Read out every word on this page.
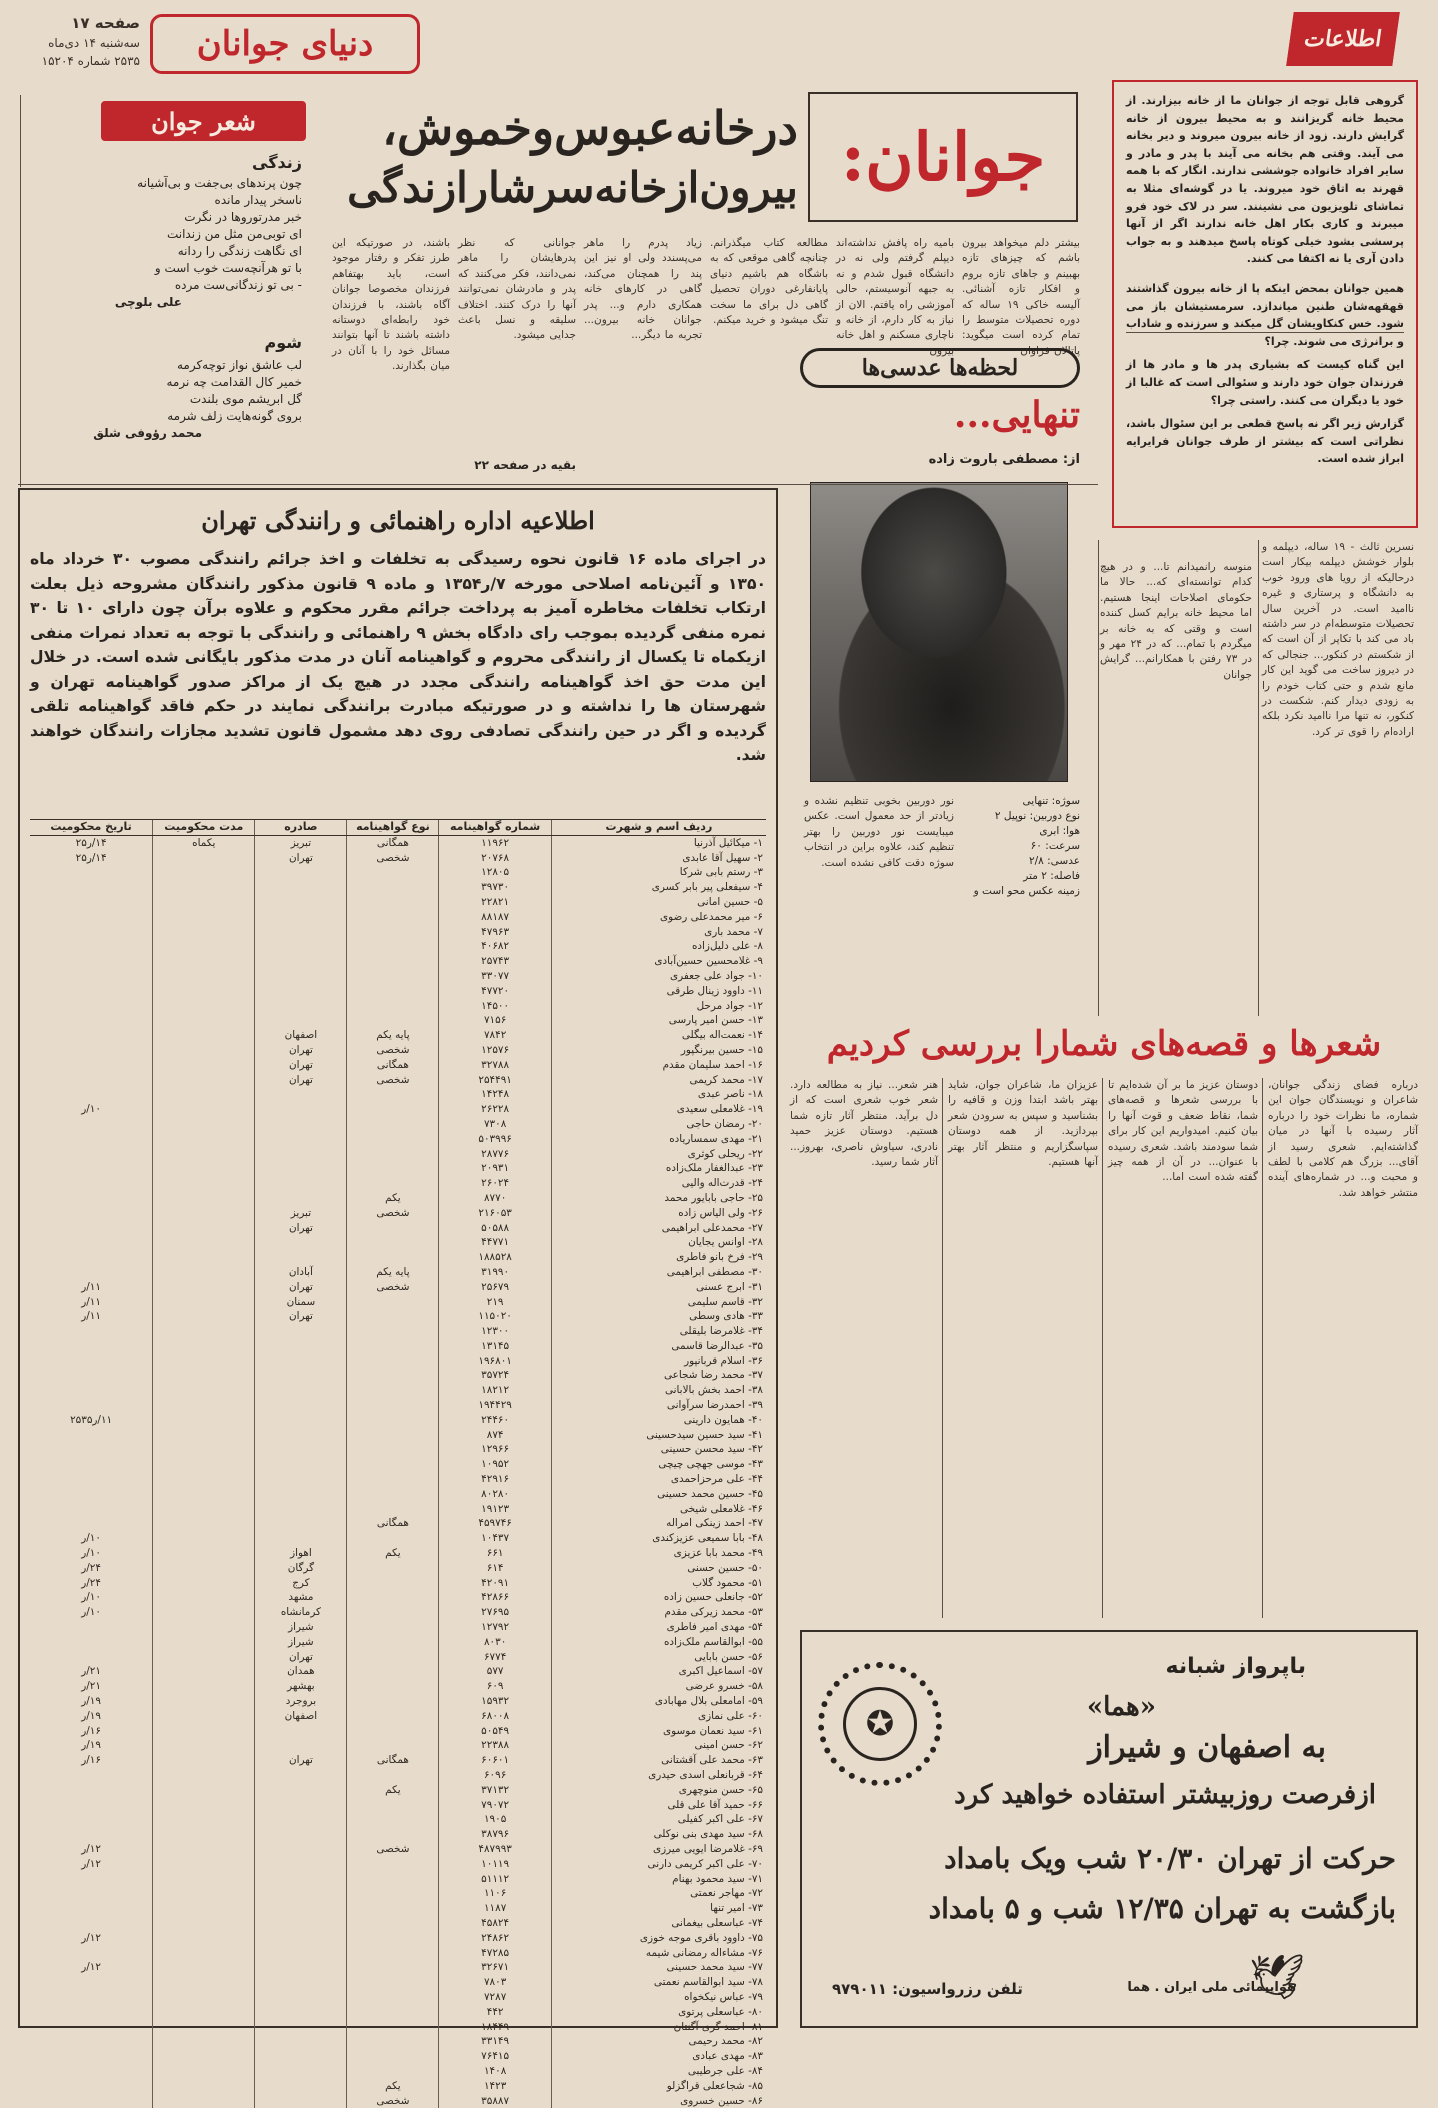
صفحه ۱۷
سه‌شنبه ۱۴ دی‌ماه
۲۵۳۵ شماره ۱۵۲۰۴ دنیای جوانان	اطلاعات
شعر جوان
زندگی
چون پرندهای بی‌جفت و بی‌آشیانه
ناسخر پیدار مانده
خبر مدرتوروها در نگرت
ای توبی‌من مثل من زندانت
ای نگاهت زندگی را ردانه
با تو هرآنچه‌ست خوب است و
- بی تو زندگانی‌ست مرده
علی بلوچی
شوم
لب عاشق نواز توچه‌کرمه
خمیر کال القدامت چه نرمه
گل ابریشم موی بلندت
بروی گونه‌هایت زلف شرمه
محمد رؤوفی شلق
جوانان:
درخانه‌عبوس‌وخموش،
بیرون‌ازخانه‌سرشارازندگی
بیشتر دلم میخواهد بیرون باشم که چیزهای تازه بهبینم و جاهای تازه بروم و افکار تازه آشنائی. آلیسه خاکی ۱۹ ساله که دوره تحصیلات متوسط را تمام کرده است میگوید: پاتالان فراوان
بامیه راه پافش نداشته‌اند دیپلم گرفتم ولی نه در دانشگاه قبول شدم و نه به جبهه آنوسیستم، حالی آموزشی راه یافتم. الان از نیاز به کار دارم، از خانه و ناچاری مسکنم و اهل خانه بیرون
مطالعه کتاب میگذرانم. چنانچه گاهی موقعی که به باشگاه هم باشیم دنیای پایانفارغی دوران تحصیل گاهی دل برای ما سخت تنگ میشود و خرید میکنم.
زیاد پدرم را ماهر می‌پسندد ولی او نیز این پند را همچنان می‌کند، گاهی در کارهای خانه همکاری دارم و... پدر جوانان خانه بیرون... تجربه ما دیگر...
جوانانی که نظر پدرهایشان را ماهر نمی‌دانند، فکر می‌کنند که پدر و مادرشان نمی‌توانند آنها را درک کنند. اختلاف سلیقه و نسل باعث جدایی میشود.
باشند، در صورتیکه این طرز تفکر و رفتار موجود است، باید بهتفاهم فرزندان مخصوصا جوانان آگاه باشند، با فرزندان خود رابطه‌ای دوستانه داشته باشند تا آنها بتوانند مسائل خود را با آنان در میان بگذارند.
بقیه در صفحه ۲۲
گروهی قابل توجه از جوانان ما از خانه بیزارند. از محیط خانه گریزانند و به محیط بیرون از خانه گرایش دارند. زود از خانه بیرون میروند و دیر بخانه می آیند. وقتی هم بخانه می آیند با پدر و مادر و سایر افراد خانواده جوششی ندارند. انگار که با همه قهرند به اتاق خود میروند. یا در گوشه‌ای مثلا به تماشای تلویزیون می نشینند. سر در لاک خود فرو میبرند و کاری بکار اهل خانه ندارند اگر از آنها پرسشی بشود خیلی کوتاه پاسخ میدهند و به جواب دادن آری یا نه اکتفا می کنند.
همین جوانان بمحض اینکه پا از خانه بیرون گذاشتند قهقهه‌شان طنین میاندازد. سرمستیشان باز می شود. خس کنکاویشان گل میکند و سرزنده و شاداب و برانرژی می شوند. چرا؟
این گناه کیست که بشیاری پدر ها و مادر ها از فرزندان جوان خود دارند و سئوالی است که غالبا از خود یا دیگران می کنند. راستی چرا؟
گزارش زیر اگر نه پاسخ قطعی بر این سئوال باشد، نظراتی است که بیشتر از طرف جوانان فرایرایه ابراز شده است.
لحظه‌ها عدسی‌ها
تنهایی...
از: مصطفی باروت زاده
سوژه: تنهایی
نوع دوربین: نوپیل ۲
هوا: ابری
سرعت: ۶۰
عدسی: ۲/۸
فاصله: ۲ متر
زمینه عکس محو است و
نور دوربین بخوبی تنظیم نشده و زیادتر از حد معمول است. عکس میبایست نور دوربین را بهتر تنظیم کند، علاوه براین در انتخاب سوژه دقت کافی نشده است.
نسرین ثالث - ۱۹ ساله، دیپلمه و بلوار خوشش دیپلمه بیکار است درحالیکه از رویا های ورود خوب به دانشگاه و پرستاری و غیره ناامید است. در آخرین سال تحصیلات متوسطه‌ام در سر داشته باد می کند با تکاپر از آن است که از شکستم در کنکور... جنجالی که در دیروز ساخت می گوید این کار مانع شدم و حتی کتاب خودم را به زودی دیدار کنم. شکست در کنکور، نه تنها مرا ناامید نکرد بلکه اراده‌ام را قوی تر کرد.
منوسه رانمیدانم تا... و در هیچ کدام توانسته‌ای که... حالا ما حکومای اصلاحات اینجا هستیم. اما محیط خانه برایم کسل کننده است و وقتی که به خانه بر میگردم با تمام... که در ۲۴ مهر و در ۷۳ رفتن با همکارانم... گرایش جوانان
شعرها و قصه‌های شمارا بررسی کردیم
درباره فضای زندگی جوانان، شاعران و نویسندگان جوان این شماره، ما نظرات خود را درباره آثار رسیده با آنها در میان گذاشته‌ایم. شعری رسید از آقای... بزرگ هم کلامی با لطف و محبت و... در شماره‌های آینده منتشر خواهد شد.
دوستان عزیز ما بر آن شده‌ایم تا با بررسی شعرها و قصه‌های شما، نقاط ضعف و قوت آنها را بیان کنیم. امیدواریم این کار برای شما سودمند باشد. شعری رسیده با عنوان... در آن از همه چیز گفته شده است اما...
عزیزان ما، شاعران جوان، شاید بهتر باشد ابتدا وزن و قافیه را بشناسید و سپس به سرودن شعر بپردازید. از همه دوستان سپاسگزاریم و منتظر آثار بهتر آنها هستیم.
هنر شعر... نیاز به مطالعه دارد. شعر خوب شعری است که از دل برآید. منتظر آثار تازه شما هستیم. دوستان عزیز حمید نادری، سیاوش ناصری، بهروز... آثار شما رسید.
اطلاعیه اداره راهنمائی و رانندگی تهران
در اجرای ماده ۱۶ قانون نحوه رسیدگی به تخلفات و اخذ جرائم رانندگی مصوب ۳۰ خرداد ماه ۱۳۵۰ و آئین‌نامه اصلاحی مورخه ۷/ر۱۳۵۴ و ماده ۹ قانون مذکور رانندگان مشروحه ذیل بعلت ارتکاب تخلفات مخاطره آمیز به پرداخت جرائم مقرر محکوم و علاوه برآن چون دارای ۱۰ تا ۳۰ نمره منفی گردیده بموجب رای دادگاه بخش ۹ راهنمائی و رانندگی با توجه به تعداد نمرات منفی ازیکماه تا یکسال از رانندگی محروم و گواهینامه آنان در مدت مذکور بایگانی شده است. در خلال این مدت حق اخذ گواهینامه رانندگی مجدد در هیچ یک از مراکز صدور گواهینامه تهران و شهرستان ها را نداشته و در صورتیکه مبادرت برانندگی نمایند در حکم فاقد گواهینامه تلقی گردیده و اگر در حین رانندگی تصادفی روی دهد مشمول قانون تشدید مجازات رانندگان خواهند شد.
ردیف اسم و شهرت	شماره گواهینامه	نوع گواهینامه	صادره	مدت محکومیت	تاریخ محکومیت
۱- میکائیل آذرنیا	۱۱۹۶۲	همگانی	تبریز	یکماه	۱۴/ر۲۵
۲- سهیل آقا عابدی	۲۰۷۶۸	شخصی	تهران		۱۴/ر۲۵
۳- رستم بابی شرکا	۱۲۸۰۵				
۴- سیفعلی پیر بابر کسری	۳۹۷۳۰				
۵- حسین امانی	۲۲۸۲۱				
۶- میر محمدعلی رضوی	۸۸۱۸۷				
۷- محمد باری	۴۷۹۶۳				
۸- علی دلیل‌زاده	۴۰۶۸۲				
۹- غلامحسین حسین‌آبادی	۲۵۷۴۳				
۱۰- جواد علی جعفری	۳۳۰۷۷				
۱۱- داوود زینال طرقی	۴۷۷۲۰				
۱۲- جواد مرحل	۱۴۵۰۰				
۱۳- حسن امیر پارسی	۷۱۵۶				
۱۴- نعمت‌اله بیگلی	۷۸۴۲	پایه یکم	اصفهان		
۱۵- حسین بیرنگپور	۱۲۵۷۶	شخصی	تهران		
۱۶- احمد سلیمان مقدم	۳۲۷۸۸	همگانی	تهران		
۱۷- محمد کریمی	۲۵۴۴۹۱	شخصی	تهران		
۱۸- ناصر عبدی	۱۴۲۴۸				
۱۹- غلامعلی سعیدی	۲۶۲۲۸				۱۰/ر
۲۰- رمضان حاجی	۷۳۰۸				
۲۱- مهدی سمساریاده	۵۰۳۹۹۶				
۲۲- ریحلی کوثری	۲۸۷۷۶				
۲۳- عبدالغفار ملک‌زاده	۲۰۹۳۱				
۲۴- قدرت‌اله والیی	۲۶۰۲۴				
۲۵- حاجی بابایور محمد	۸۷۷۰	یکم			
۲۶- ولی الیاس زاده	۲۱۶۰۵۳	شخصی	تبریز		
۲۷- محمدعلی ابراهیمی	۵۰۵۸۸		تهران		
۲۸- اوانس یجایان	۴۴۷۷۱				
۲۹- فرخ بانو فاطری	۱۸۸۵۲۸				
۳۰- مصطفی ابراهیمی	۳۱۹۹۰	پایه یکم	آبادان		
۳۱- ابرج عسنی	۲۵۶۷۹	شخصی	تهران		۱۱/ر
۳۲- قاسم سلیمی	۲۱۹		سمنان		۱۱/ر
۳۳- هادی وسطی	۱۱۵۰۲۰		تهران		۱۱/ر
۳۴- غلامرضا بلیقلی	۱۲۳۰۰				
۳۵- عبدالرضا قاسمی	۱۳۱۴۵				
۳۶- اسلام قربانپور	۱۹۶۸۰۱				
۳۷- محمد رضا شجاعی	۳۵۷۲۴				
۳۸- احمد بخش بالابانی	۱۸۲۱۲				
۳۹- احمدرضا سرآوانی	۱۹۴۴۲۹				
۴۰- همایون دارینی	۲۴۴۶۰				۱۱/ر۲۵۳۵
۴۱- سید حسین سیدحسینی	۸۷۴				
۴۲- سید محسن حسینی	۱۲۹۶۶				
۴۳- موسی جهچی چیچی	۱۰۹۵۲				
۴۴- علی مرحزاحمدی	۴۲۹۱۶				
۴۵- حسین محمد حسینی	۸۰۲۸۰				
۴۶- غلامعلی شیخی	۱۹۱۲۳				
۴۷- احمد زینکی امراله	۴۵۹۷۴۶	همگانی			
۴۸- بابا سمیعی عزیزکندی	۱۰۴۳۷				۱۰/ر
۴۹- محمد بابا عزیزی	۶۶۱	یکم	اهواز		۱۰/ر
۵۰- حسین حسنی	۶۱۴		گرگان		۲۴/ر
۵۱- محمود گلاب	۴۲۰۹۱		کرج		۲۴/ر
۵۲- جانعلی حسین زاده	۴۲۸۶۶		مشهد		۱۰/ر
۵۳- محمد زیرکی مقدم	۲۷۶۹۵		کرمانشاه		۱۰/ر
۵۴- مهدی امیر فاطری	۱۲۷۹۲		شیراز		
۵۵- ابوالقاسم ملک‌زاده	۸۰۳۰		شیراز		
۵۶- حسن بابایی	۶۷۷۴		تهران		
۵۷- اسماعیل اکبری	۵۷۷		همدان		۲۱/ر
۵۸- خسرو عرضی	۶۰۹		بهشهر		۲۱/ر
۵۹- امامعلی بلال مهابادی	۱۵۹۳۲		بروجرد		۱۹/ر
۶۰- علی نمازی	۶۸۰۰۸		اصفهان		۱۹/ر
۶۱- سید نعمان موسوی	۵۰۵۴۹				۱۶/ر
۶۲- حسن امینی	۲۲۳۸۸				۱۹/ر
۶۳- محمد علی آقشتانی	۶۰۶۰۱	همگانی	تهران		۱۶/ر
۶۴- قربانعلی اسدی حیدری	۶۰۹۶				
۶۵- حسن منوچهری	۳۷۱۳۲	یکم			
۶۶- حمید آقا علی قلی	۷۹۰۷۲				
۶۷- علی اکبر کفیلی	۱۹۰۵				
۶۸- سید مهدی بنی نوکلی	۳۸۷۹۶				
۶۹- غلامرضا ایویی میرزی	۴۸۷۹۹۳	شخصی			۱۲/ر
۷۰- علی اکبر کریمی دارنی	۱۰۱۱۹				۱۲/ر
۷۱- سید محمود بهنام	۵۱۱۱۲				
۷۲- مهاجر نعمتی	۱۱۰۶				
۷۳- امیر تنها	۱۱۸۷				
۷۴- عباسعلی بیغمانی	۴۵۸۲۴				
۷۵- داوود باقری موجه خوزی	۲۴۸۶۲				۱۲/ر
۷۶- مشاءاله رمضانی شیمه	۴۷۲۸۵				
۷۷- سید محمد حسینی	۳۲۶۷۱				۱۲/ر
۷۸- سید ابوالقاسم نعمتی	۷۸۰۳				
۷۹- عباس نیکخواه	۷۲۸۷				
۸۰- عباسعلی پرتوی	۴۴۲				
۸۱- احمد گری آگنتان	۱۸۴۴۹				
۸۲- محمد رحیمی	۳۳۱۴۹				
۸۳- مهدی عبادی	۷۶۴۱۵				
۸۴- علی جرطیبی	۱۴۰۸				
۸۵- شجاععلی قراگزلو	۱۴۲۳	یکم			
۸۶- حسین خسروی	۳۵۸۸۷	شخصی			
✪
باپرواز شبانه
«هما»
به اصفهان و شیراز
ازفرصت روزبیشتر استفاده خواهید کرد
حرکت از تهران ۲۰/۳۰ شب ویک بامداد
بازگشت به تهران ۱۲/۳۵ شب و ۵ بامداد
🕊
هواپیمائی ملی ایران . هما
تلفن رزرواسیون: ۹۷۹۰۱۱
